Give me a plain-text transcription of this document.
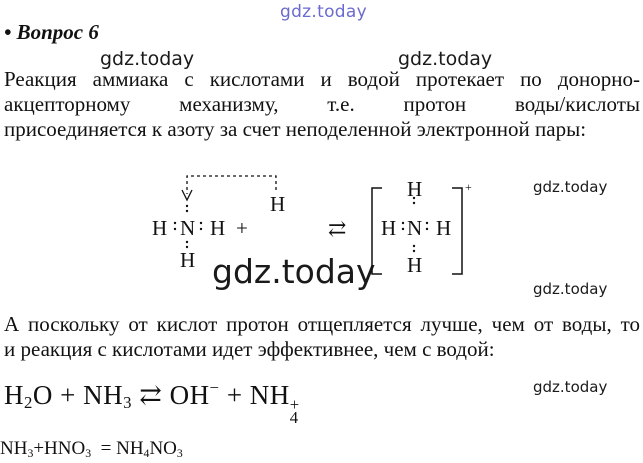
gdz.today
gdz.today	gdz.today
gdz.today
gdz.today	gdz.today
gdz.today
• Вопрос 6
Реакция аммиака с кислотами и водой протекает по донорно-
акцепторному механизму, т.е. протон воды/кислоты
присоединяется к азоту за счет неподеленной электронной пары:
N
H H
H
H
+	⇄
H
N
H H
H
+
А поскольку от кислот протон отщепляется лучше, чем от воды, то
и реакция с кислотами идет эффективнее, чем с водой:
$H_2O + NH_3$ ⇄ OH− + NH +
4
$NH_3+HNO_3 = NH_4NO_3$
